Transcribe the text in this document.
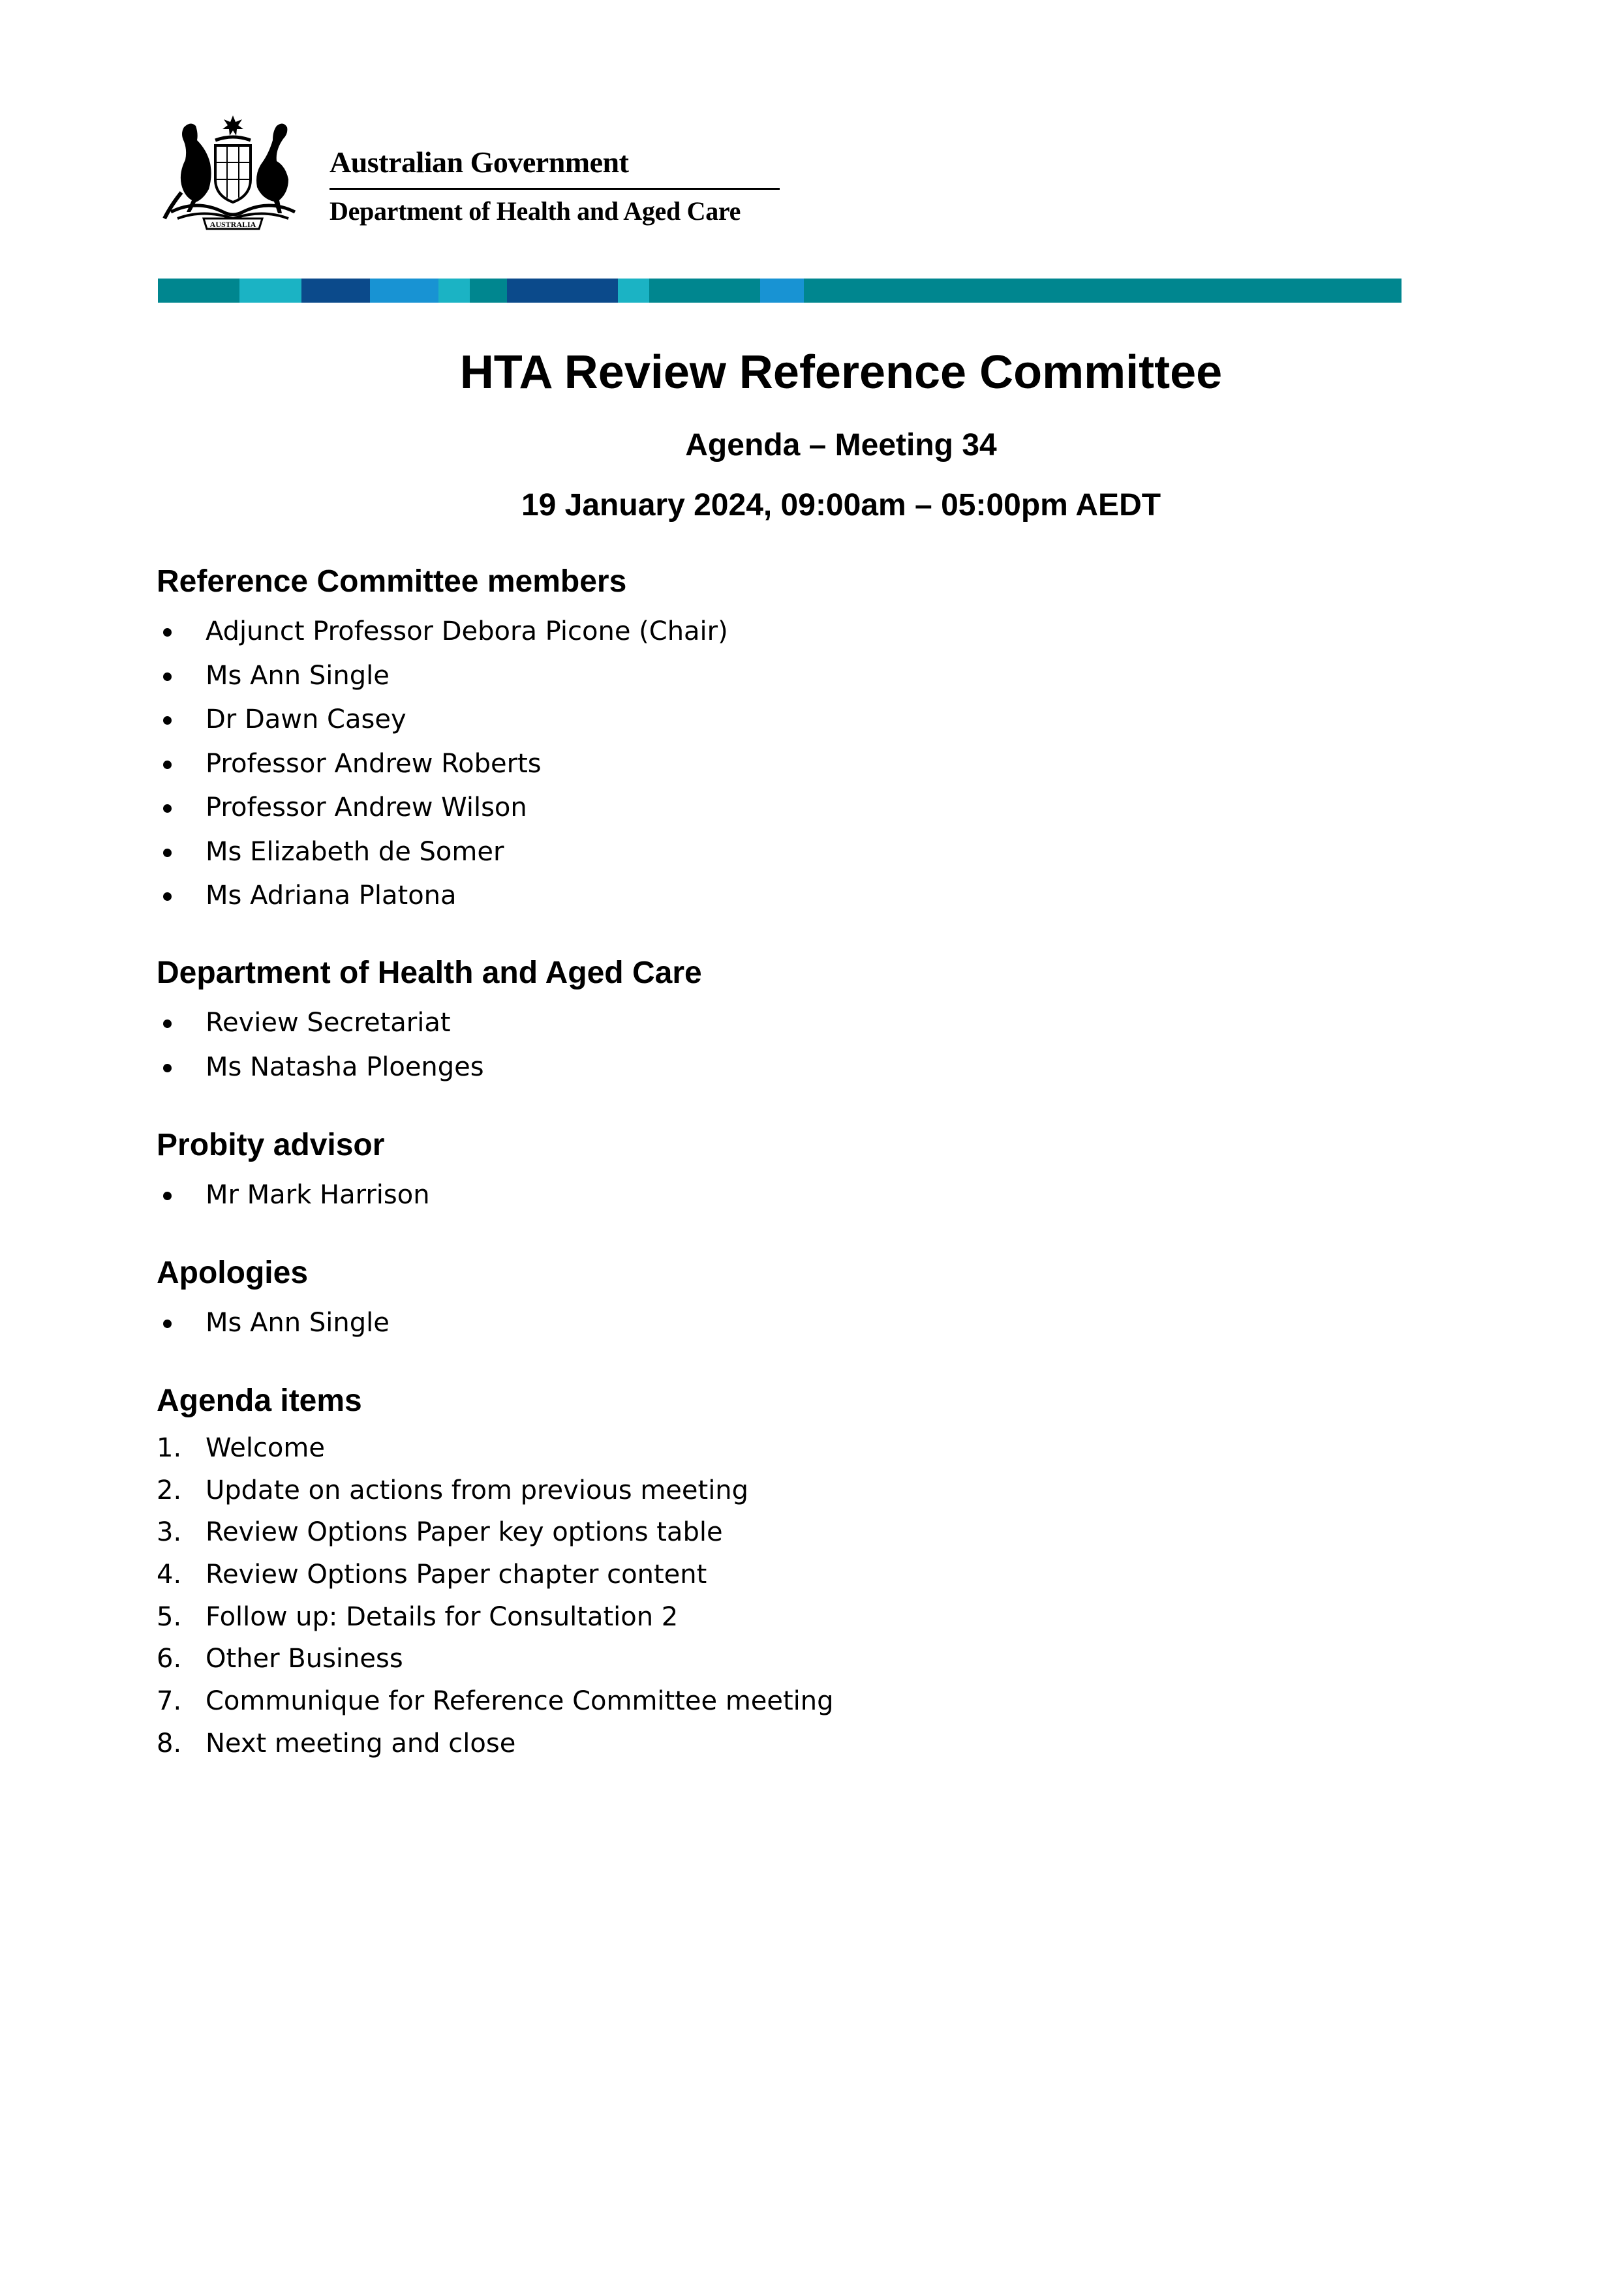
AUSTRALIA
Australian Government
Department of Health and Aged Care
HTA Review Reference Committee
Agenda – Meeting 34
19 January 2024, 09:00am – 05:00pm AEDT
Reference Committee members
Adjunct Professor Debora Picone (Chair)
Ms Ann Single
Dr Dawn Casey
Professor Andrew Roberts
Professor Andrew Wilson
Ms Elizabeth de Somer
Ms Adriana Platona
Department of Health and Aged Care
Review Secretariat
Ms Natasha Ploenges
Probity advisor
Mr Mark Harrison
Apologies
Ms Ann Single
Agenda items
1. Welcome
2. Update on actions from previous meeting
3. Review Options Paper key options table
4. Review Options Paper chapter content
5. Follow up: Details for Consultation 2
6. Other Business
7. Communique for Reference Committee meeting
8. Next meeting and close
